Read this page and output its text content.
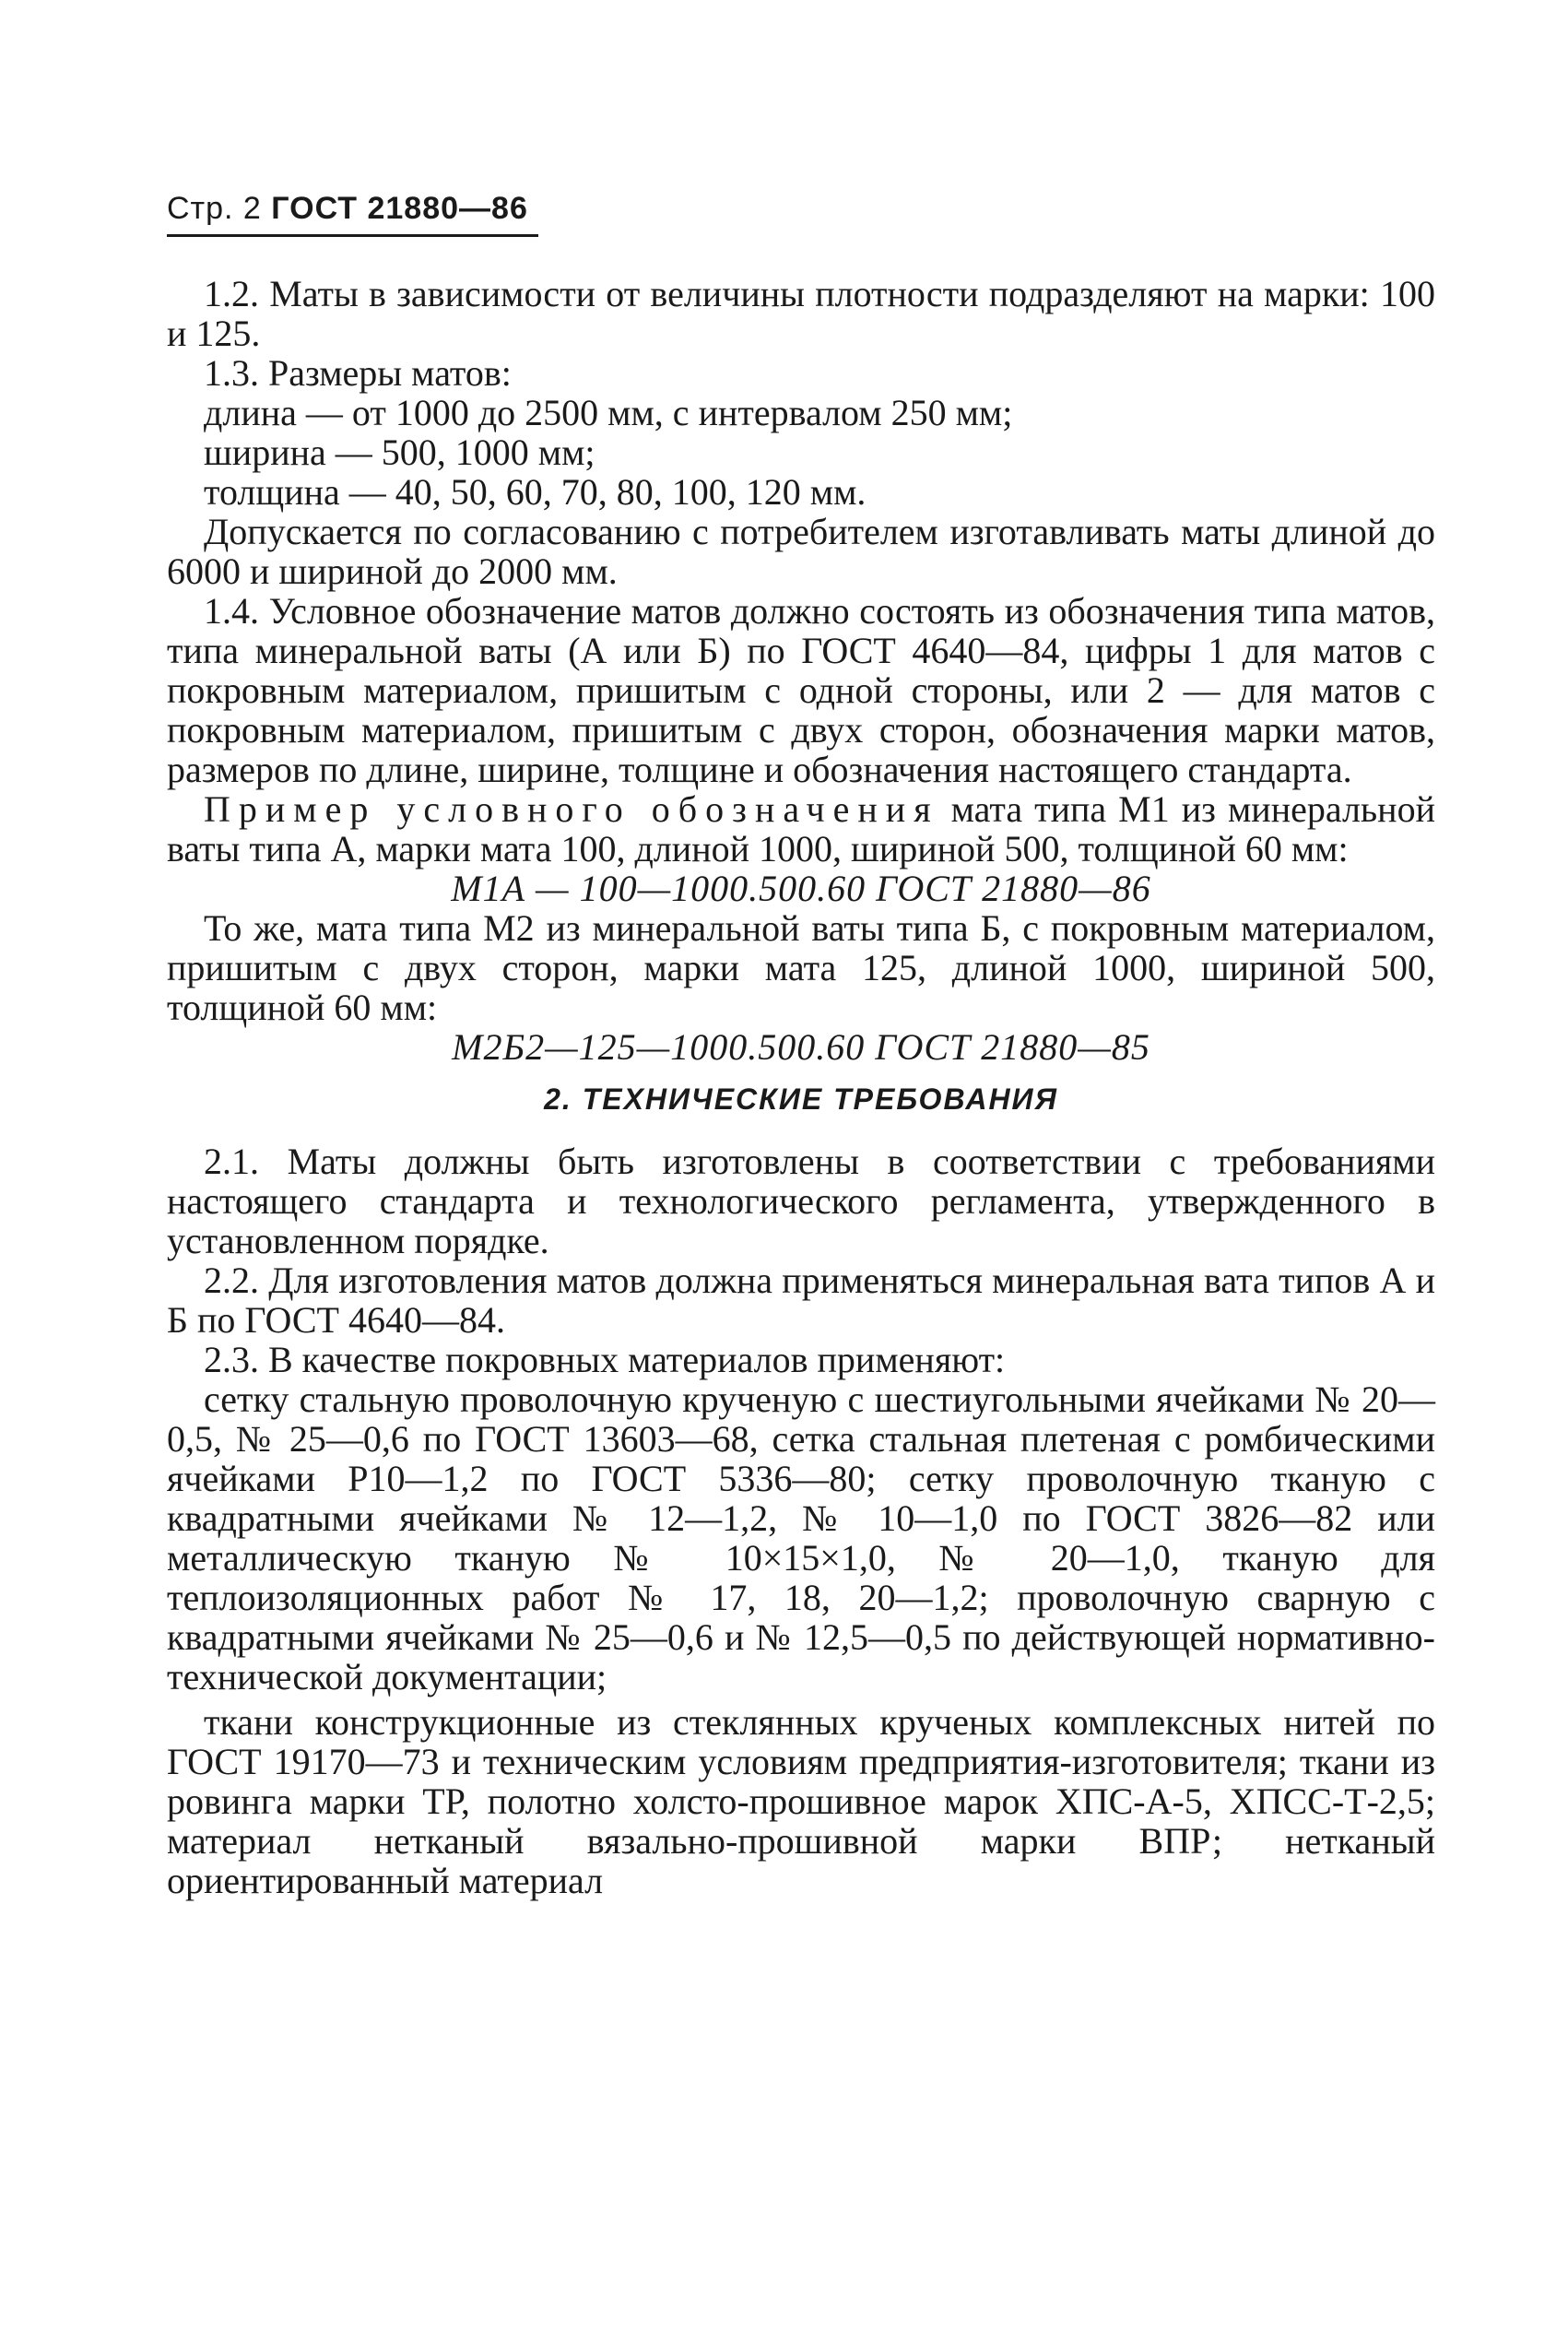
Стр. 2 ГОСТ 21880—86

1.2. Маты в зависимости от величины плотности подразделяют на марки: 100 и 125.

1.3. Размеры матов:

длина — от 1000 до 2500 мм, с интервалом 250 мм;

ширина — 500, 1000 мм;

толщина — 40, 50, 60, 70, 80, 100, 120 мм.

Допускается по согласованию с потребителем изготавливать маты длиной до 6000 и шириной до 2000 мм.

1.4. Условное обозначение матов должно состоять из обозначения типа матов, типа минеральной ваты (А или Б) по ГОСТ 4640—84, цифры 1 для матов с покровным материалом, пришитым с одной стороны, или 2 — для матов с покровным материалом, пришитым с двух сторон, обозначения марки матов, размеров по длине, ширине, толщине и обозначения настоящего стандарта.

Пример условного обозначения мата типа М1 из минеральной ваты типа А, марки мата 100, длиной 1000, шириной 500, толщиной 60 мм:

М1А — 100—1000.500.60 ГОСТ 21880—86

То же, мата типа М2 из минеральной ваты типа Б, с покровным материалом, пришитым с двух сторон, марки мата 125, длиной 1000, шириной 500, толщиной 60 мм:

М2Б2—125—1000.500.60 ГОСТ 21880—85

2. ТЕХНИЧЕСКИЕ ТРЕБОВАНИЯ

2.1. Маты должны быть изготовлены в соответствии с требованиями настоящего стандарта и технологического регламента, утвержденного в установленном порядке.

2.2. Для изготовления матов должна применяться минеральная вата типов А и Б по ГОСТ 4640—84.

2.3. В качестве покровных материалов применяют:

сетку стальную проволочную крученую с шестиугольными ячейками № 20—0,5, № 25—0,6 по ГОСТ 13603—68, сетка стальная плетеная с ромбическими ячейками Р10—1,2 по ГОСТ 5336—80; сетку проволочную тканую с квадратными ячейками № 12—1,2, № 10—1,0 по ГОСТ 3826—82 или металлическую тканую № 10×15×1,0, № 20—1,0, тканую для теплоизоляционных работ № 17, 18, 20—1,2; проволочную сварную с квадратными ячейками № 25—0,6 и № 12,5—0,5 по действующей нормативно-технической документации;

ткани конструкционные из стеклянных крученых комплексных нитей по ГОСТ 19170—73 и техническим условиям предприятия-изготовителя; ткани из ровинга марки ТР, полотно холсто-прошивное марок ХПС-А-5, ХПСС-Т-2,5; материал нетканый вязально-прошивной марки ВПР; нетканый ориентированный материал
